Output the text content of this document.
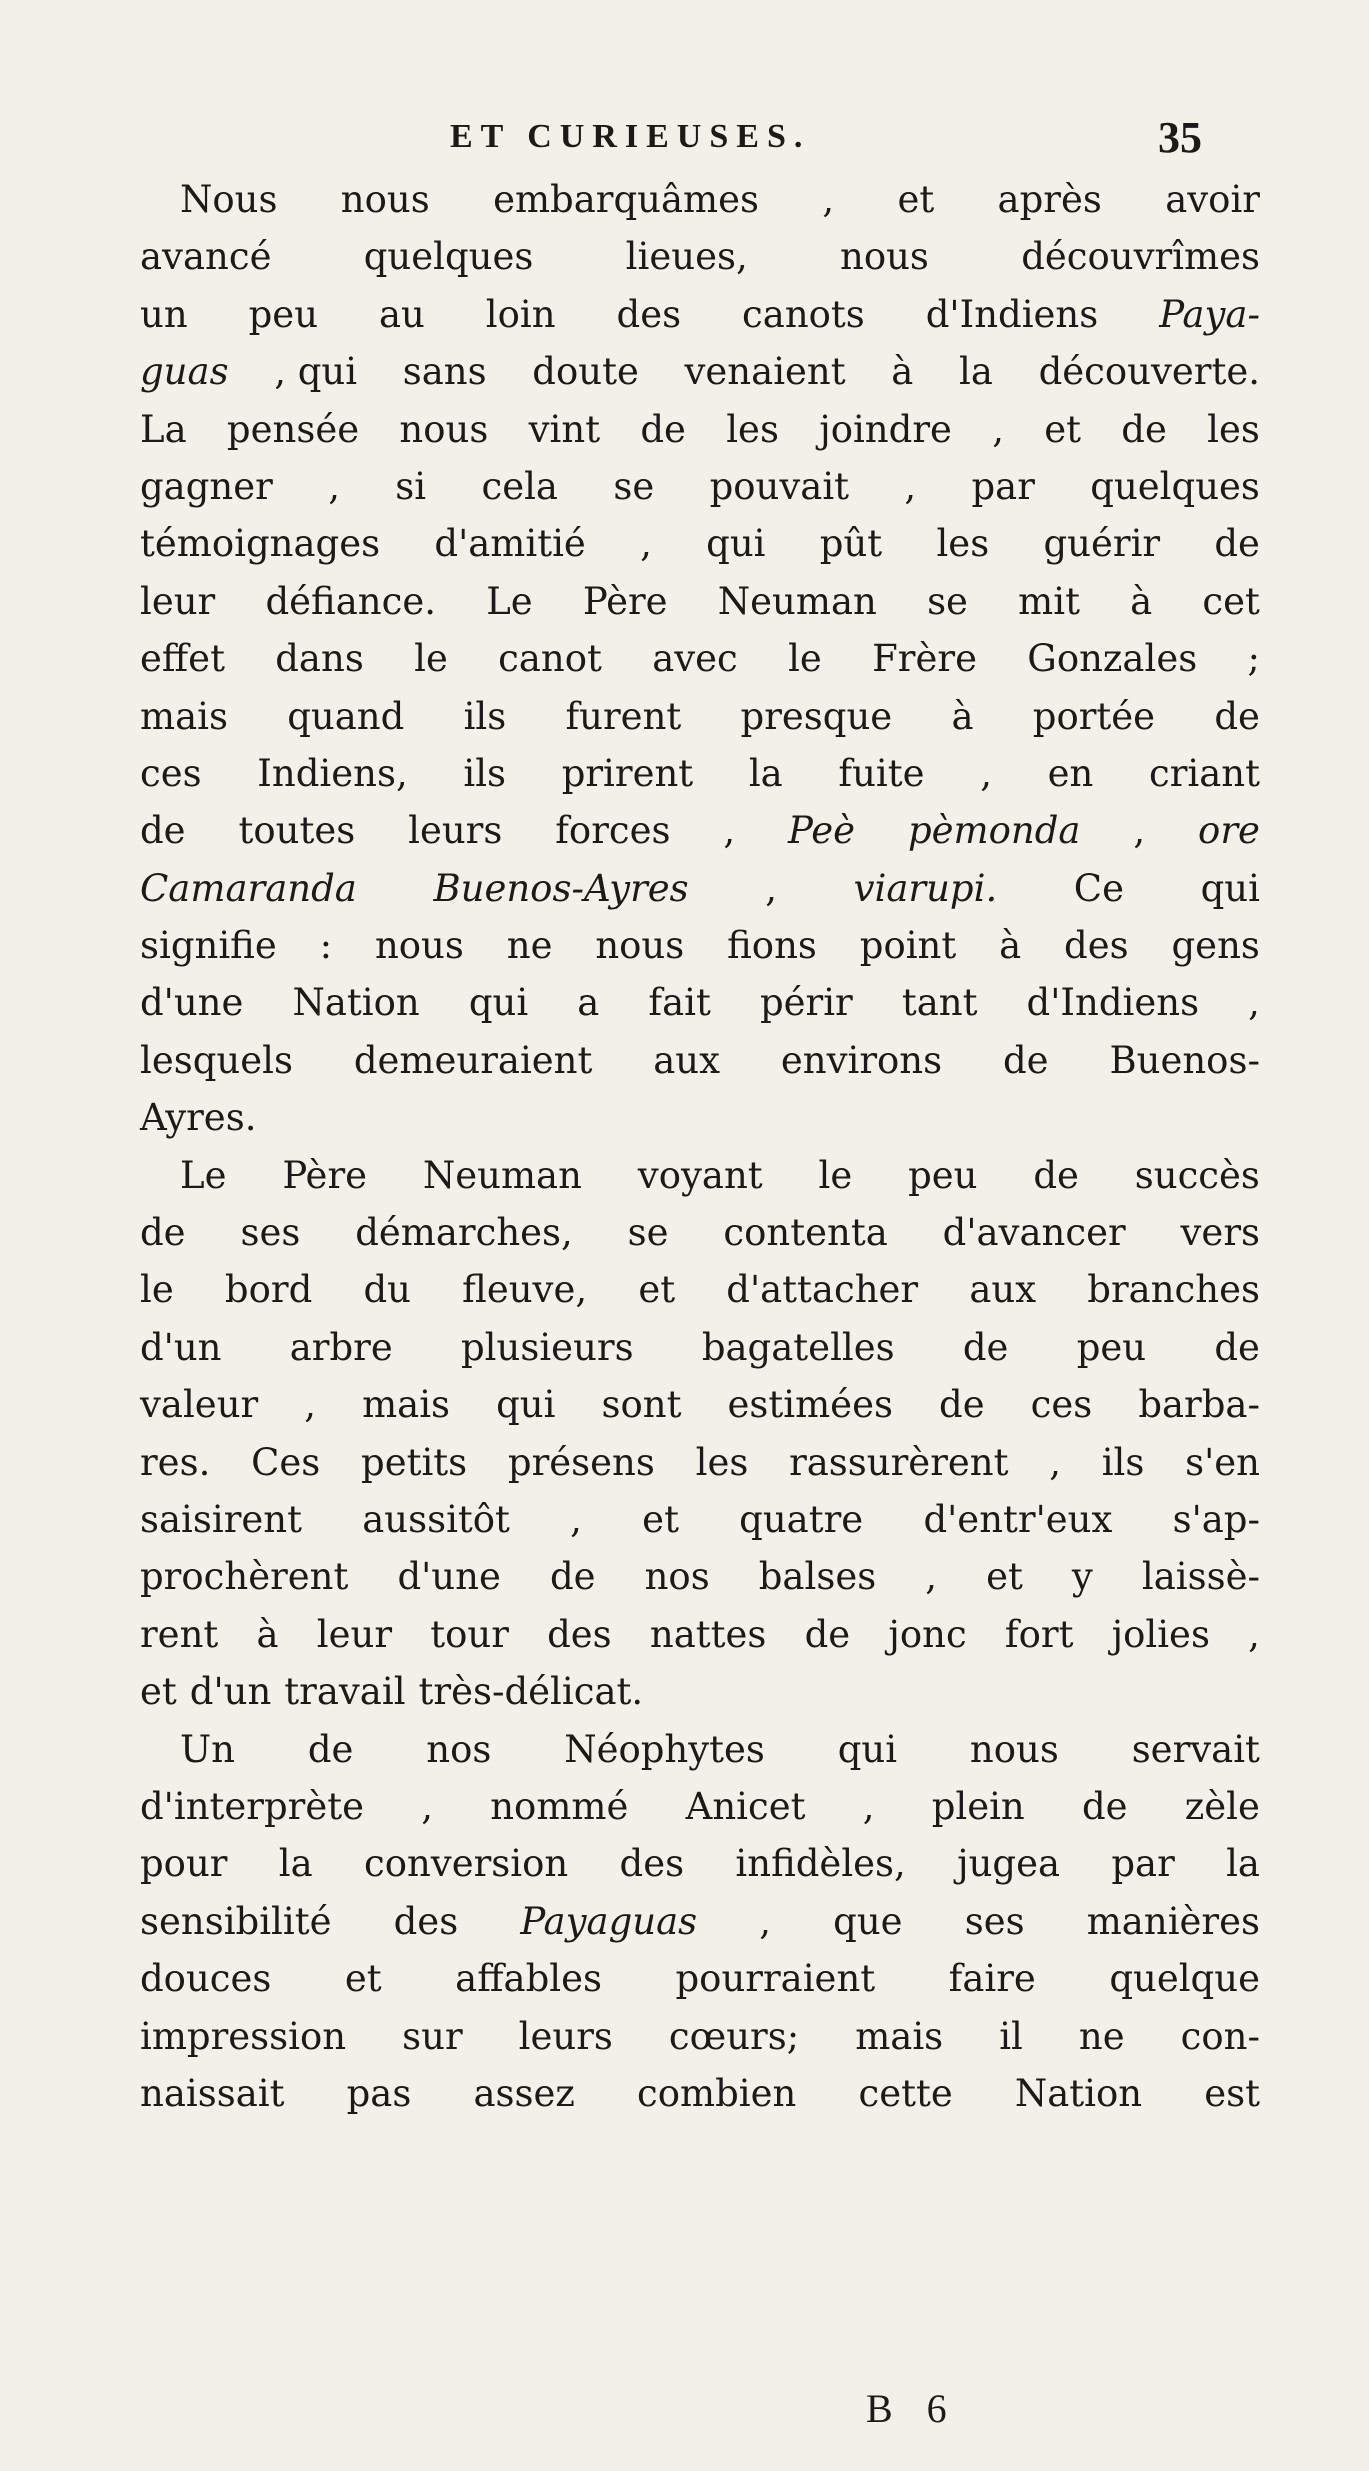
ET CURIEUSES.	35
Nous nous embarquâmes , et après avoir
avancé quelques lieues, nous découvrîmes
un peu au loin des canots d'Indiens Paya-
guas , qui sans doute venaient à la découverte.
La pensée nous vint de les joindre , et de les
gagner , si cela se pouvait , par quelques
témoignages d'amitié , qui pût les guérir de
leur défiance. Le Père Neuman se mit à cet
effet dans le canot avec le Frère Gonzales ;
mais quand ils furent presque à portée de
ces Indiens, ils prirent la fuite , en criant
de toutes leurs forces , Peè pèmonda , ore
Camaranda Buenos-Ayres , viarupi. Ce qui
signifie : nous ne nous fions point à des gens
d'une Nation qui a fait périr tant d'Indiens ,
lesquels demeuraient aux environs de Buenos-
Ayres.
Le Père Neuman voyant le peu de succès
de ses démarches, se contenta d'avancer vers
le bord du fleuve, et d'attacher aux branches
d'un arbre plusieurs bagatelles de peu de
valeur , mais qui sont estimées de ces barba-
res. Ces petits présens les rassurèrent , ils s'en
saisirent aussitôt , et quatre d'entr'eux s'ap-
prochèrent d'une de nos balses , et y laissè-
rent à leur tour des nattes de jonc fort jolies ,
et d'un travail très-délicat.
Un de nos Néophytes qui nous servait
d'interprète , nommé Anicet , plein de zèle
pour la conversion des infidèles, jugea par la
sensibilité des Payaguas , que ses manières
douces et affables pourraient faire quelque
impression sur leurs cœurs; mais il ne con-
naissait pas assez combien cette Nation est
B 6
